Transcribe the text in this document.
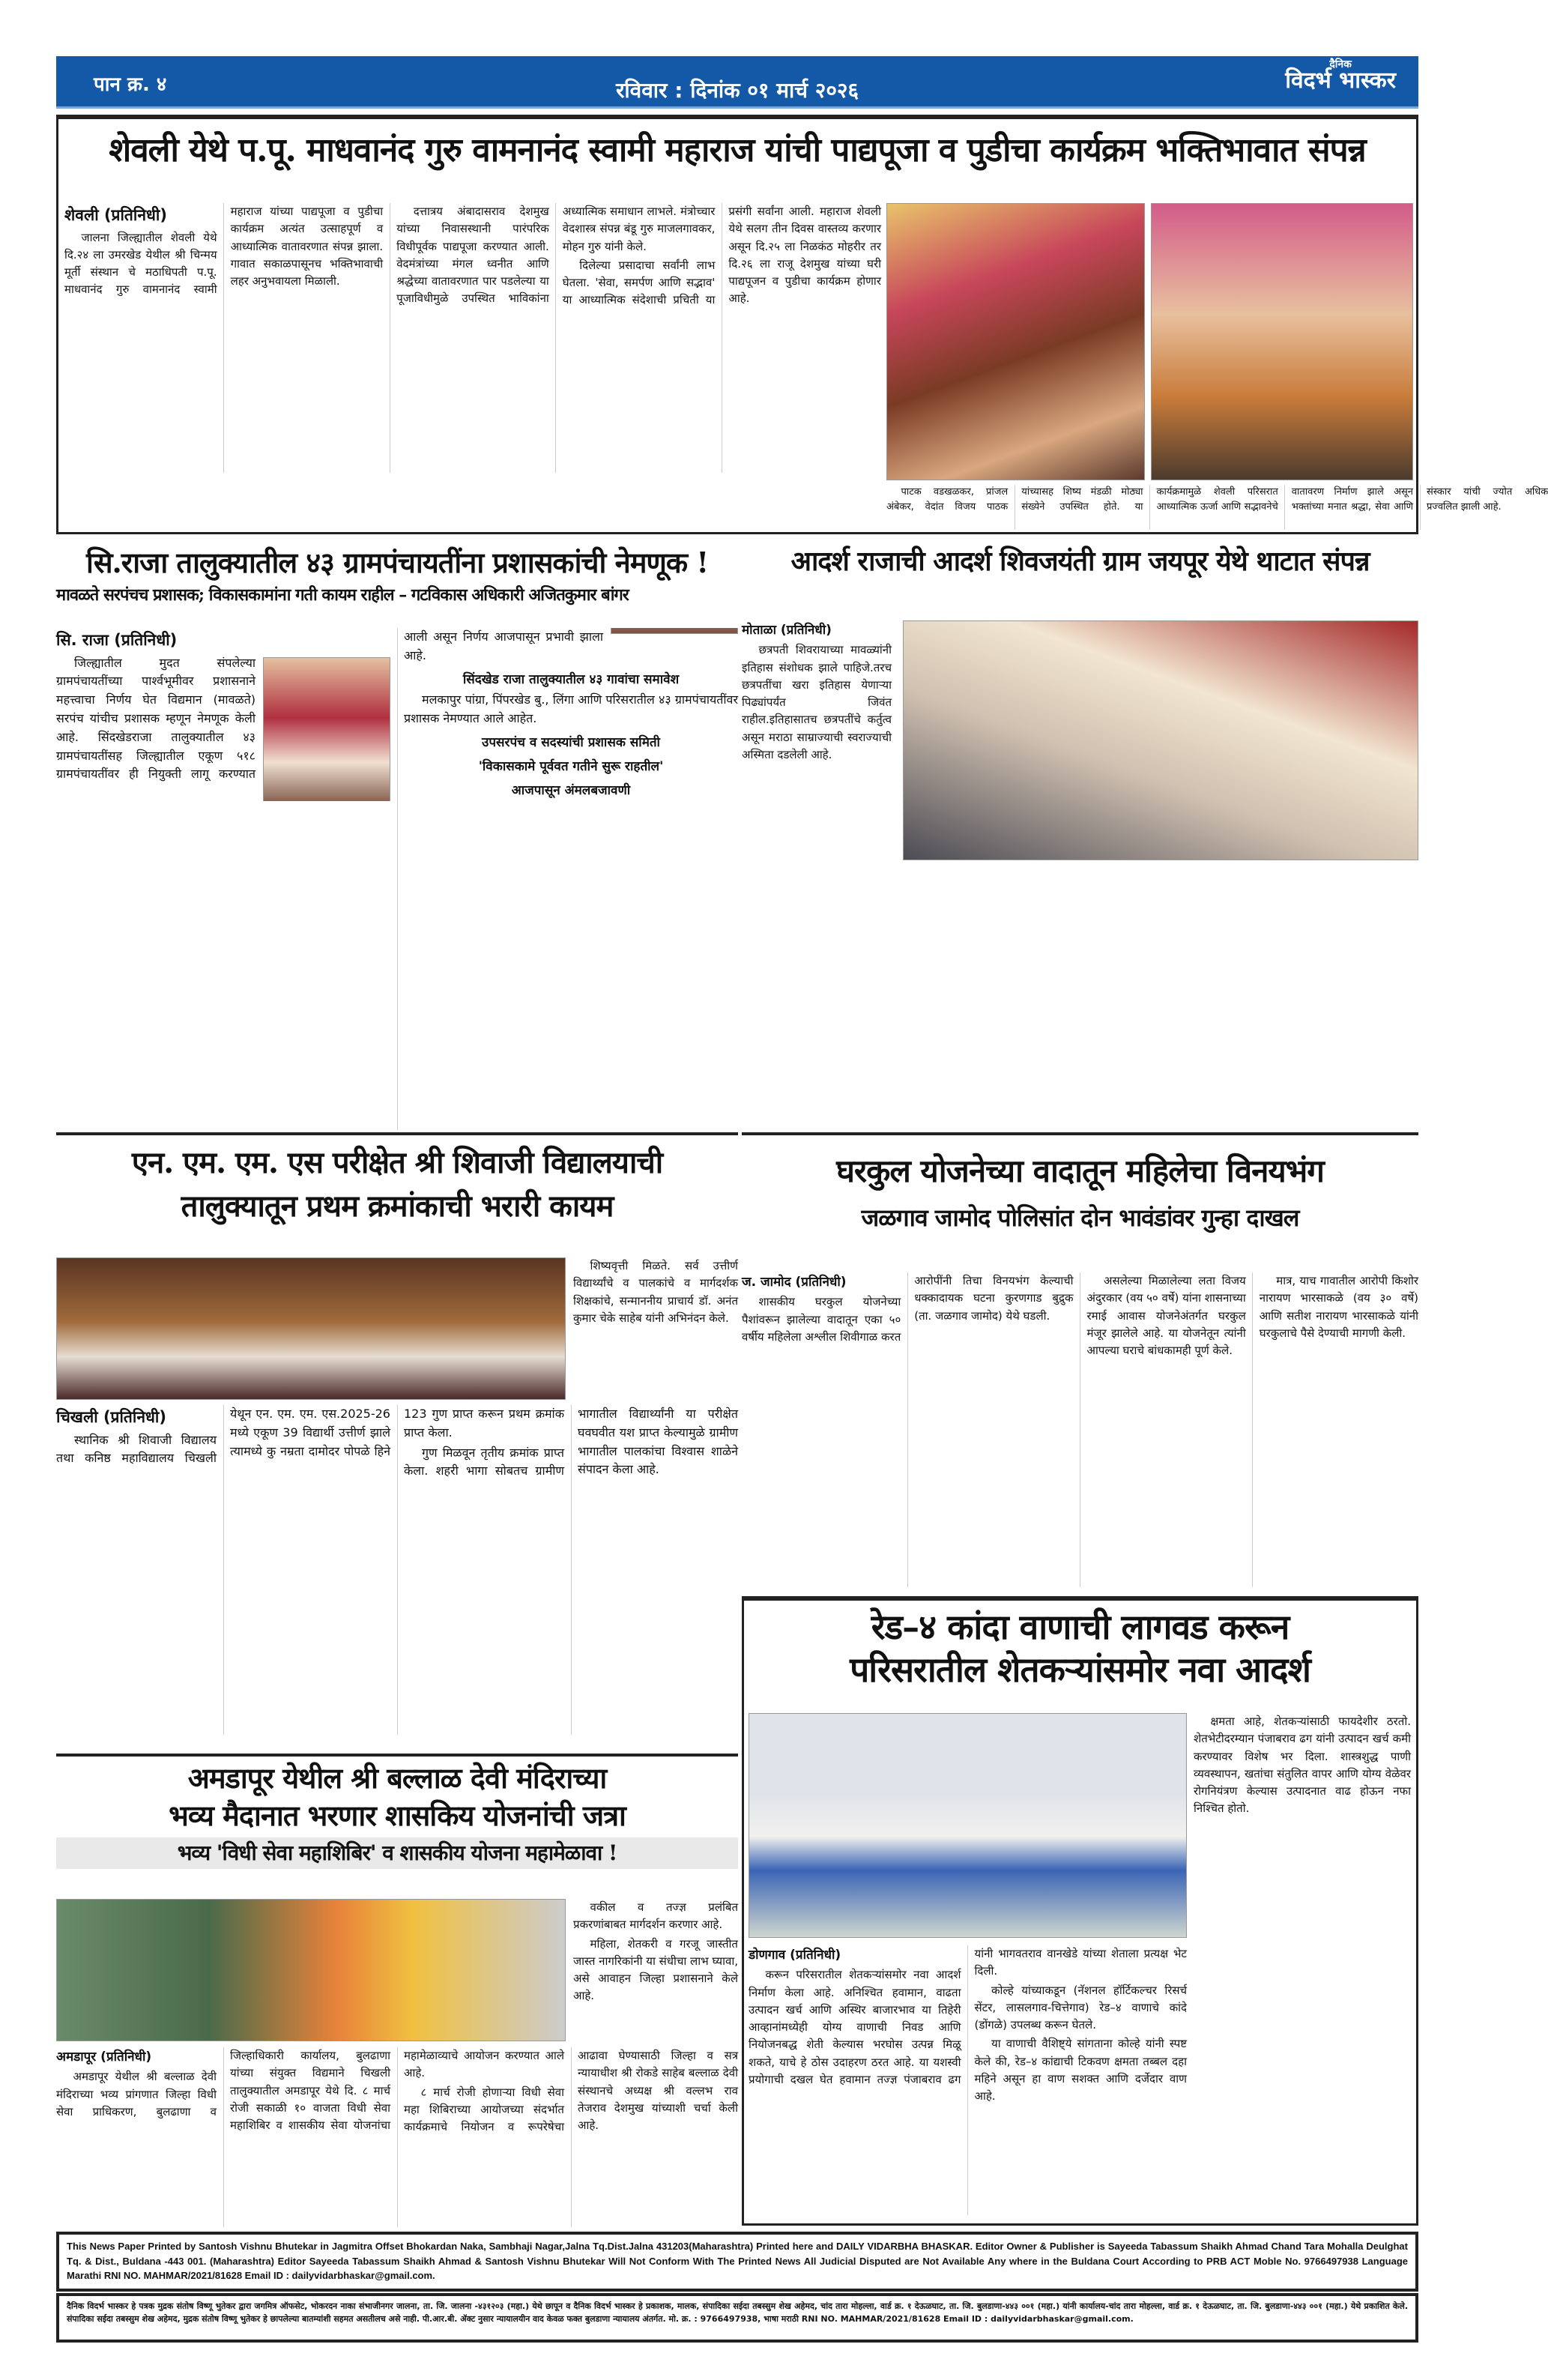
पान क्र. ४	रविवार : दिनांक ०१ मार्च २०२६
दैनिक
विदर्भ भास्कर
शेवली येथे प.पू. माधवानंद गुरु वामनानंद स्वामी महाराज यांची पाद्यपूजा व पुडीचा कार्यक्रम भक्तिभावात संपन्न

शेवली (प्रतिनिधी)

जालना जिल्ह्यातील शेवली येथे दि.२४ ला उमरखेड येथील श्री चिन्मय मूर्ती संस्थान चे मठाधिपती प.पू. माधवानंद गुरु वामनानंद स्वामी महाराज यांच्या पाद्यपूजा व पुडीचा कार्यक्रम अत्यंत उत्साहपूर्ण व आध्यात्मिक वातावरणात संपन्न झाला. गावात सकाळपासूनच भक्तिभावाची लहर अनुभवायला मिळाली.

दत्तात्रय अंबादासराव देशमुख यांच्या निवासस्थानी पारंपरिक विधीपूर्वक पाद्यपूजा करण्यात आली. वेदमंत्रांच्या मंगल ध्वनीत आणि श्रद्धेच्या वातावरणात पार पडलेल्या या पूजाविधीमुळे उपस्थित भाविकांना अध्यात्मिक समाधान लाभले. मंत्रोच्चार वेदशास्त्र संपन्न बंडू गुरु माजलगावकर, मोहन गुरु यांनी केले.

दिलेल्या प्रसादाचा सर्वांनी लाभ घेतला. 'सेवा, समर्पण आणि सद्भाव' या आध्यात्मिक संदेशाची प्रचिती या प्रसंगी सर्वांना आली. महाराज शेवली येथे सलग तीन दिवस वास्तव्य करणार असून दि.२५ ला निळकंठ मोहरीर तर दि.२६ ला राजू देशमुख यांच्या घरी पाद्यपूजन व पुडीचा कार्यक्रम होणार आहे.

पाटक वडखळकर, प्रांजल अंबेकर, वेदांत विजय पाठक यांच्यासह शिष्य मंडळी मोठ्या संख्येने उपस्थित होते. या कार्यक्रमामुळे शेवली परिसरात आध्यात्मिक ऊर्जा आणि सद्भावनेचे वातावरण निर्माण झाले असून भक्तांच्या मनात श्रद्धा, सेवा आणि संस्कार यांची ज्योत अधिक प्रज्वलित झाली आहे.

सि.राजा तालुक्यातील ४३ ग्रामपंचायतींना प्रशासकांची नेमणूक !
मावळते सरपंचच प्रशासक; विकासकामांना गती कायम राहील – गटविकास अधिकारी अजितकुमार बांगर

सि. राजा (प्रतिनिधी)

जिल्ह्यातील मुदत संपलेल्या ग्रामपंचायतींच्या पार्श्वभूमीवर प्रशासनाने महत्त्वाचा निर्णय घेत विद्यमान (मावळते) सरपंच यांचीच प्रशासक म्हणून नेमणूक केली आहे. सिंदखेडराजा तालुक्यातील ४३ ग्रामपंचायतींसह जिल्ह्यातील एकूण ५१८ ग्रामपंचायतींवर ही नियुक्ती लागू करण्यात आली असून निर्णय आजपासून प्रभावी झाला आहे.

सिंदखेड राजा तालुक्यातील ४३ गावांचा समावेश

मलकापुर पांग्रा, पिंपरखेड बु., लिंगा आणि परिसरातील ४३ ग्रामपंचायतींवर प्रशासक नेमण्यात आले आहेत.

उपसरपंच व सदस्यांची प्रशासक समिती

'विकासकामे पूर्ववत गतीने सुरू राहतील'

आजपासून अंमलबजावणी

आदर्श राजाची आदर्श शिवजयंती ग्राम जयपूर येथे थाटात संपन्न

मोताळा (प्रतिनिधी)

छत्रपती शिवरायाच्या मावळ्यांनी इतिहास संशोधक झाले पाहिजे.तरच छत्रपतींचा खरा इतिहास येणाऱ्या पिढ्यांपर्यंत जिवंत राहील.इतिहासातच छत्रपतींचे कर्तुत्व असून मराठा साम्राज्याची स्वराज्याची अस्मिता दडलेली आहे.

एन. एम. एम. एस परीक्षेत श्री शिवाजी विद्यालयाची
तालुक्यातून प्रथम क्रमांकाची भरारी कायम

शिष्यवृत्ती मिळते. सर्व उत्तीर्ण विद्यार्थ्यांचे व पालकांचे व मार्गदर्शक शिक्षकांचे, सन्माननीय प्राचार्य डॉ. अनंत कुमार चेके साहेब यांनी अभिनंदन केले.

चिखली (प्रतिनिधी)

स्थानिक श्री शिवाजी विद्यालय तथा कनिष्ठ महाविद्यालय चिखली येथून एन. एम. एम. एस.2025-26 मध्ये एकूण 39 विद्यार्थी उत्तीर्ण झाले त्यामध्ये कु नम्रता दामोदर पोपळे हिने 123 गुण प्राप्त करून प्रथम क्रमांक प्राप्त केला.

गुण मिळवून तृतीय क्रमांक प्राप्त केला. शहरी भागा सोबतच ग्रामीण भागातील विद्यार्थ्यांनी या परीक्षेत घवघवीत यश प्राप्त केल्यामुळे ग्रामीण भागातील पालकांचा विश्वास शाळेने संपादन केला आहे.

घरकुल योजनेच्या वादातून महिलेचा विनयभंग
जळगाव जामोद पोलिसांत दोन भावंडांवर गुन्हा दाखल

ज. जामोद (प्रतिनिधी)

शासकीय घरकुल योजनेच्या पैशांवरून झालेल्या वादातून एका ५० वर्षीय महिलेला अश्लील शिवीगाळ करत आरोपींनी तिचा विनयभंग केल्याची धक्कादायक घटना कुरणगाड बुद्रुक (ता. जळगाव जामोद) येथे घडली.

असलेल्या मिळालेल्या लता विजय अंदुरकार (वय ५० वर्षे) यांना शासनाच्या रमाई आवास योजनेअंतर्गत घरकुल मंजूर झालेले आहे. या योजनेतून त्यांनी आपल्या घराचे बांधकामही पूर्ण केले.

मात्र, याच गावातील आरोपी किशोर नारायण भारसाकळे (वय ३० वर्षे) आणि सतीश नारायण भारसाकळे यांनी घरकुलाचे पैसे देण्याची मागणी केली.

अमडापूर येथील श्री बल्लाळ देवी मंदिराच्या
भव्य मैदानात भरणार शासकिय योजनांची जत्रा
भव्य 'विधी सेवा महाशिबिर' व शासकीय योजना महामेळावा !

वकील व तज्ज्ञ प्रलंबित प्रकरणांबाबत मार्गदर्शन करणार आहे.

महिला, शेतकरी व गरजू जास्तीत जास्त नागरिकांनी या संधीचा लाभ घ्यावा, असे आवाहन जिल्हा प्रशासनाने केले आहे.

अमडापूर (प्रतिनिधी)

अमडापूर येथील श्री बल्लाळ देवी मंदिराच्या भव्य प्रांगणात जिल्हा विधी सेवा प्राधिकरण, बुलढाणा व जिल्हाधिकारी कार्यालय, बुलढाणा यांच्या संयुक्त विद्यमाने चिखली तालुक्यातील अमडापूर येथे दि. ८ मार्च रोजी सकाळी १० वाजता विधी सेवा महाशिबिर व शासकीय सेवा योजनांचा महामेळाव्याचे आयोजन करण्यात आले आहे.

८ मार्च रोजी होणाऱ्या विधी सेवा महा शिबिराच्या आयोजच्या संदर्भात कार्यक्रमाचे नियोजन व रूपरेषेचा आढावा घेण्यासाठी जिल्हा व सत्र न्यायाधीश श्री रोकडे साहेब बल्लाळ देवी संस्थानचे अध्यक्ष श्री वल्लभ राव तेजराव देशमुख यांच्याशी चर्चा केली आहे.

रेड–४ कांदा वाणाची लागवड करून
परिसरातील शेतकऱ्यांसमोर नवा आदर्श

क्षमता आहे, शेतकऱ्यांसाठी फायदेशीर ठरतो. शेतभेटीदरम्यान पंजाबराव ढग यांनी उत्पादन खर्च कमी करण्यावर विशेष भर दिला. शास्त्रशुद्ध पाणी व्यवस्थापन, खतांचा संतुलित वापर आणि योग्य वेळेवर रोगनियंत्रण केल्यास उत्पादनात वाढ होऊन नफा निश्चित होतो.

डोणगाव (प्रतिनिधी)

करून परिसरातील शेतकऱ्यांसमोर नवा आदर्श निर्माण केला आहे. अनिश्चित हवामान, वाढता उत्पादन खर्च आणि अस्थिर बाजारभाव या तिहेरी आव्हानांमध्येही योग्य वाणाची निवड आणि नियोजनबद्ध शेती केल्यास भरघोस उत्पन्न मिळू शकते, याचे हे ठोस उदाहरण ठरत आहे. या यशस्वी प्रयोगाची दखल घेत हवामान तज्ज्ञ पंजाबराव ढग यांनी भागवतराव वानखेडे यांच्या शेताला प्रत्यक्ष भेट दिली.

कोल्हे यांच्याकडून (नॅशनल हॉर्टिकल्चर रिसर्च सेंटर, लासलगाव-चित्तेगाव) रेड–४ वाणाचे कांदे (डोंगळे) उपलब्ध करून घेतले.

या वाणाची वैशिष्ट्ये सांगताना कोल्हे यांनी स्पष्ट केले की, रेड–४ कांद्याची टिकवण क्षमता तब्बल दहा महिने असून हा वाण सशक्त आणि दर्जेदार वाण आहे.

This News Paper Printed by Santosh Vishnu Bhutekar in Jagmitra Offset Bhokardan Naka, Sambhaji Nagar,Jalna Tq.Dist.Jalna 431203(Maharashtra) Printed here and DAILY VIDARBHA BHASKAR. Editor Owner & Publisher is Sayeeda Tabassum Shaikh Ahmad Chand Tara Mohalla Deulghat Tq. & Dist., Buldana -443 001. (Maharashtra) Editor Sayeeda Tabassum Shaikh Ahmad & Santosh Vishnu Bhutekar Will Not Conform With The Printed News All Judicial Disputed are Not Available Any where in the Buldana Court According to PRB ACT Moble No. 9766497938 Language Marathi RNI NO. MAHMAR/2021/81628 Email ID : dailyvidarbhaskar@gmail.com.
दैनिक विदर्भ भास्कर हे पत्रक मुद्रक संतोष विष्णू भुतेकर द्वारा जगमित्र ऑफसेट, भोकरदन नाका संभाजीनगर जालना, ता. जि. जालना -४३१२०३ (महा.) येथे छापून व दैनिक विदर्भ भास्कर हे प्रकाशक, मालक, संपादिका सईदा तबस्सुम शेख अहेमद, चांद तारा मोहल्ला, वार्ड क्र. १ देऊळघाट, ता. जि. बुलडाणा-४४३ ००१ (महा.) यांनी कार्यालय-चांद तारा मोहल्ला, वार्ड क्र. १ देऊळघाट, ता. जि. बुलडाणा-४४३ ००१ (महा.) येथे प्रकाशित केले. संपादिका सईदा तबस्सुम शेख अहेमद, मुद्रक संतोष विष्णू भुतेकर हे छापलेल्या बातम्यांशी सहमत असतीलच असे नाही. पी.आर.बी. ॲक्ट नुसार न्यायालयीन वाद केवळ फक्त बुलडाणा न्यायालय अंतर्गत. मो. क्र. : 9766497938, भाषा मराठी RNI NO. MAHMAR/2021/81628 Email ID : dailyvidarbhaskar@gmail.com.
